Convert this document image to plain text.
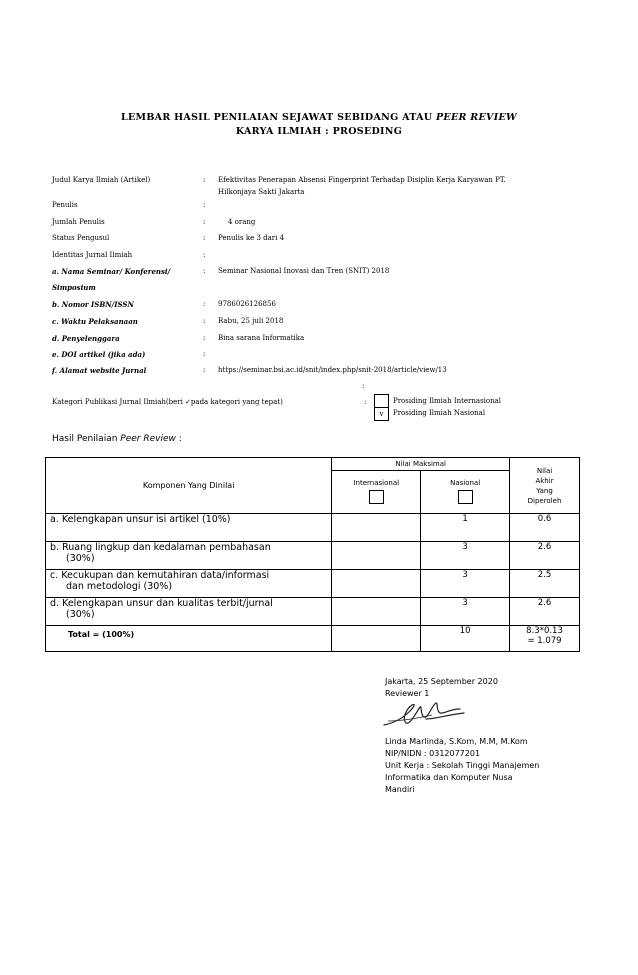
LEMBAR HASIL PENILAIAN SEJAWAT SEBIDANG ATAU PEER REVIEW
KARYA ILMIAH : PROSEDING
Judul Karya Ilmiah (Artikel)	: Efektivitas Penerapan Absensi Fingerprint Terhadap Disiplin Kerja Karyawan PT.
Hilkonjaya Sakti Jakarta
Penulis	:
Jumlah Penulis	:	4 orang
Status Pengusul	: Penulis ke 3 dari 4
Identitas Jurnal Ilmiah	:
a. Nama Seminar/ Konferensi/
Simposium
: Seminar Nasional Inovasi dan Tren (SNIT) 2018
b. Nomor ISBN/ISSN	: 9786026126856
c. Waktu Pelaksanaan	: Rabu, 25 juli 2018
d. Penyelenggara	: Bina sarana Informatika
e. DOI artikel (jika ada)	:
f. Alamat website Jurnal	: https://seminar.bsi.ac.id/snit/index.php/snit-2018/article/view/13
:
Kategori Publikasi Jurnal Ilmiah(beri ✓pada kategori yang tepat)	:	Prosiding Ilmiah Internasional
v	Prosiding Ilmiah Nasional
Hasil Penilaian Peer Review :
Komponen Yang Dinilai	Nilai Maksimal		Nilai
Akhir
Yang
Diperoleh

	Internasional	Nasional	

a. Kelengkapan unsur isi artikel (10%)		1	0.6

b. Ruang lingkup dan kedalaman pembahasan
(30%)		3	2.6

c. Kecukupan dan kemutahiran data/informasi
dan metodologi (30%)		3	2.5

d. Kelengkapan unsur dan kualitas terbit/jurnal
(30%)		3	2.6
Total = (100%)		10	8.3*0.13
= 1.079
Jakarta, 25 September 2020
Reviewer 1
Linda Marlinda, S.Kom, M.M, M.Kom
NIP/NIDN : 0312077201
Unit Kerja : Sekolah Tinggi Manajemen
Informatika dan Komputer Nusa
Mandiri
